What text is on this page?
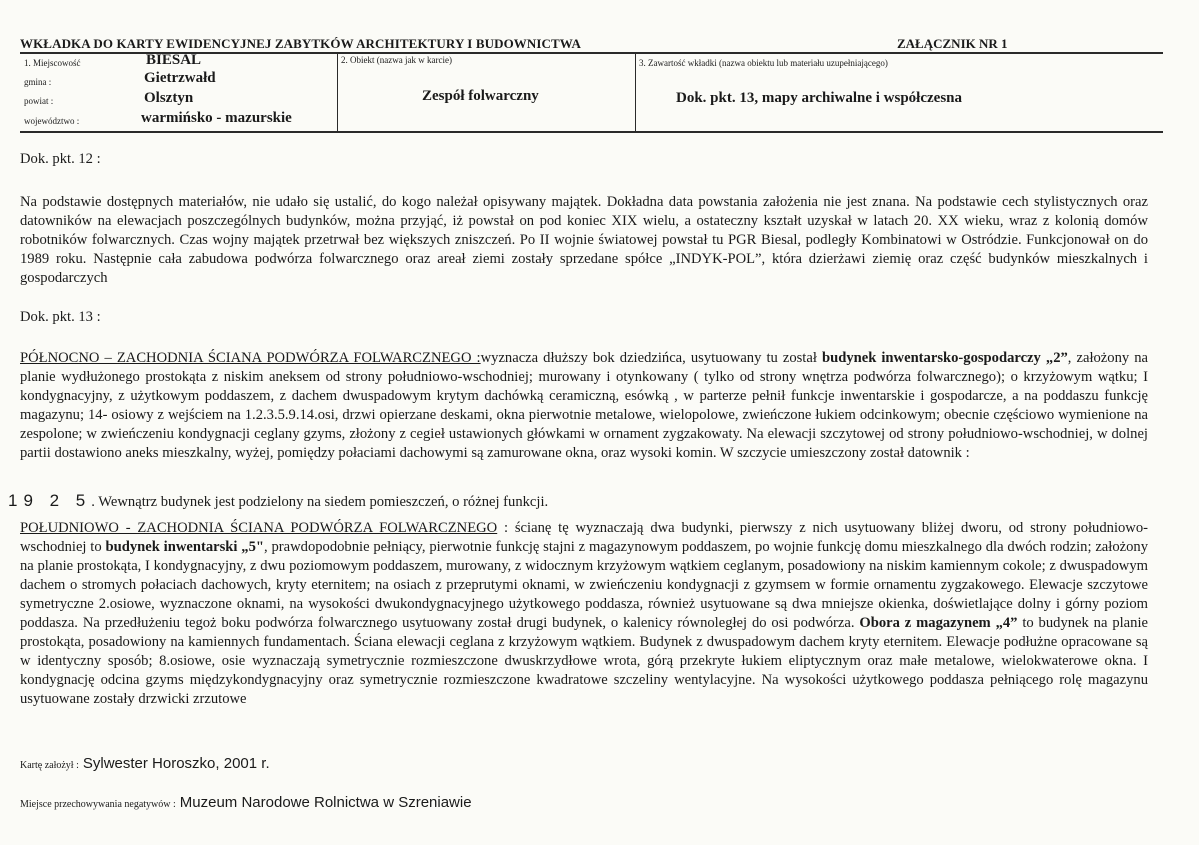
WKŁADKA DO KARTY EWIDENCYJNEJ ZABYTKÓW ARCHITEKTURY I BUDOWNICTWA	ZAŁĄCZNIK NR 1
1. Miejscowość	BIESAL
gmina :	Gietrzwałd
powiat :	Olsztyn
województwo :	warmińsko - mazurskie
2. Obiekt (nazwa jak w karcie)
Zespół folwarczny
3. Zawartość wkładki (nazwa obiektu lub materiału uzupełniającego)
Dok. pkt. 13, mapy archiwalne i współczesna
Dok. pkt. 12 :
Na podstawie dostępnych materiałów, nie udało się ustalić, do kogo należał opisywany majątek. Dokładna data powstania założenia nie jest znana. Na podstawie cech stylistycznych oraz datowników na elewacjach poszczególnych budynków, można przyjąć, iż powstał on pod koniec XIX wielu, a ostateczny kształt uzyskał w latach 20. XX wieku, wraz z kolonią domów robotników folwarcznych. Czas wojny majątek przetrwał bez większych zniszczeń. Po II wojnie światowej powstał tu PGR Biesal, podległy Kombinatowi w Ostródzie. Funkcjonował on do 1989 roku. Następnie cała zabudowa podwórza folwarcznego oraz areał ziemi zostały sprzedane spółce „INDYK-POL”, która dzierżawi ziemię oraz część budynków mieszkalnych i gospodarczych
Dok. pkt. 13 :
PÓŁNOCNO – ZACHODNIA ŚCIANA PODWÓRZA FOLWARCZNEGO :wyznacza dłuższy bok dziedzińca, usytuowany tu został budynek inwentarsko-gospodarczy „2”, założony na planie wydłużonego prostokąta z niskim aneksem od strony południowo-wschodniej; murowany i otynkowany ( tylko od strony wnętrza podwórza folwarcznego); o krzyżowym wątku; I kondygnacyjny, z użytkowym poddaszem, z dachem dwuspadowym krytym dachówką ceramiczną, esówką , w parterze pełnił funkcje inwentarskie i gospodarcze, a na poddaszu funkcję magazynu; 14- osiowy z wejściem na 1.2.3.5.9.14.osi, drzwi opierzane deskami, okna pierwotnie metalowe, wielopolowe, zwieńczone łukiem odcinkowym; obecnie częściowo wymienione na zespolone; w zwieńczeniu kondygnacji ceglany gzyms, złożony z cegieł ustawionych główkami w ornament zygzakowaty. Na elewacji szczytowej od strony południowo-wschodniej, w dolnej partii dostawiono aneks mieszkalny, wyżej, pomiędzy połaciami dachowymi są zamurowane okna, oraz wysoki komin. W szczycie umieszczony został datownik :
19 2 5. Wewnątrz budynek jest podzielony na siedem pomieszczeń, o różnej funkcji.
POŁUDNIOWO - ZACHODNIA ŚCIANA PODWÓRZA FOLWARCZNEGO : ścianę tę wyznaczają dwa budynki, pierwszy z nich usytuowany bliżej dworu, od strony południowo-wschodniej to budynek inwentarski „5", prawdopodobnie pełniący, pierwotnie funkcję stajni z magazynowym poddaszem, po wojnie funkcję domu mieszkalnego dla dwóch rodzin; założony na planie prostokąta, I kondygnacyjny, z dwu poziomowym poddaszem, murowany, z widocznym krzyżowym wątkiem ceglanym, posadowiony na niskim kamiennym cokole; z dwuspadowym dachem o stromych połaciach dachowych, kryty eternitem; na osiach z przeprutymi oknami, w zwieńczeniu kondygnacji z gzymsem w formie ornamentu zygzakowego. Elewacje szczytowe symetryczne 2.osiowe, wyznaczone oknami, na wysokości dwukondygnacyjnego użytkowego poddasza, również usytuowane są dwa mniejsze okienka, doświetlające dolny i górny poziom poddasza. Na przedłużeniu tegoż boku podwórza folwarcznego usytuowany został drugi budynek, o kalenicy równoległej do osi podwórza. Obora z magazynem „4” to budynek na planie prostokąta, posadowiony na kamiennych fundamentach. Ściana elewacji ceglana z krzyżowym wątkiem. Budynek z dwuspadowym dachem kryty eternitem. Elewacje podłużne opracowane są w identyczny sposób; 8.osiowe, osie wyznaczają symetrycznie rozmieszczone dwuskrzydłowe wrota, górą przekryte łukiem eliptycznym oraz małe metalowe, wielokwaterowe okna. I kondygnację odcina gzyms międzykondygnacyjny oraz symetrycznie rozmieszczone kwadratowe szczeliny wentylacyjne. Na wysokości użytkowego poddasza pełniącego rolę magazynu usytuowane zostały drzwicki zrzutowe
Kartę założył : Sylwester Horoszko, 2001 r.
Miejsce przechowywania negatywów : Muzeum Narodowe Rolnictwa w Szreniawie
